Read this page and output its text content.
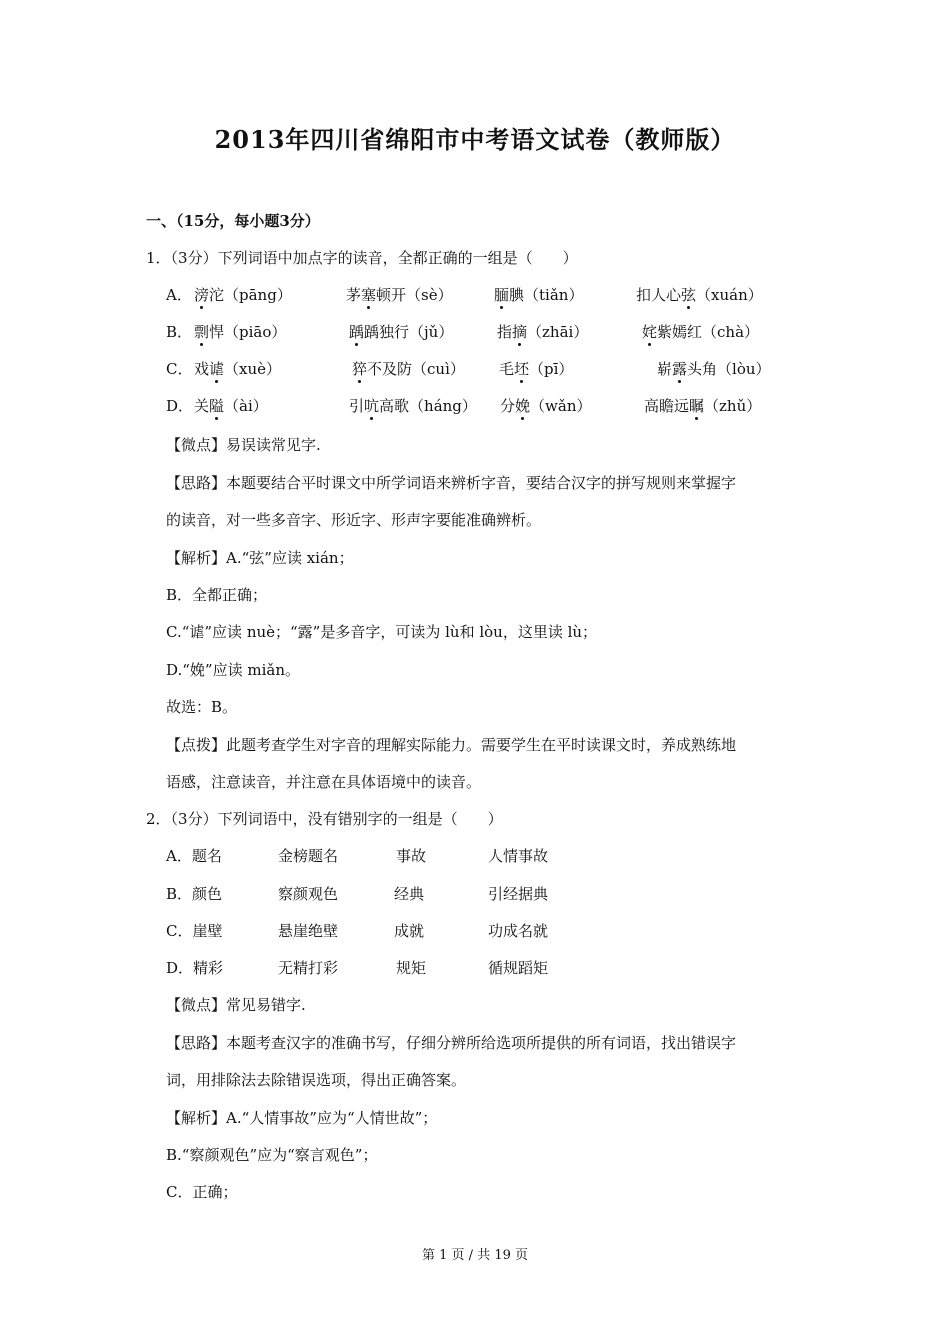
2013年四川省绵阳市中考语文试卷（教师版）
一、（15分，每小题3分）
1．（3分）下列词语中加点字的读音，全都正确的一组是（　　）
A． 滂沱（pāng）	茅塞顿开（sè）	腼腆（tiǎn）	扣人心弦（xuán）
B． 剽悍（piāo）	踽踽独行（jǔ）	指摘（zhāi）	姹紫嫣红（chà）
C． 戏谑（xuè）	猝不及防（cuì） 毛坯（pī）	崭露头角（lòu）
D． 关隘（ài）	引吭高歌（háng） 分娩（wǎn）	高瞻远瞩（zhǔ）
【微点】易误读常见字.
【思路】本题要结合平时课文中所学词语来辨析字音，要结合汉字的拼写规则来掌握字
的读音，对一些多音字、形近字、形声字要能准确辨析。
【解析】A.“弦”应读 xián；
B．全都正确；
C.“谑”应读 nuè；“露”是多音字，可读为 lù和 lòu，这里读 lù；
D.“娩”应读 miǎn。
故选：B。
【点拨】此题考查学生对字音的理解实际能力。需要学生在平时读课文时，养成熟练地
语感，注意读音，并注意在具体语境中的读音。
2．（3分）下列词语中，没有错别字的一组是（　　）
A．题名	金榜题名	事故	人情事故
B．颜色	察颜观色	经典	引经据典
C．崖壁	悬崖绝壁	成就	功成名就
D．精彩	无精打彩	规矩	循规蹈矩
【微点】常见易错字.
【思路】本题考查汉字的准确书写，仔细分辨所给选项所提供的所有词语，找出错误字
词，用排除法去除错误选项，得出正确答案。
【解析】A.“人情事故”应为“人情世故”；
B.“察颜观色”应为“察言观色”；
C．正确；
第 1 页 / 共 19 页
